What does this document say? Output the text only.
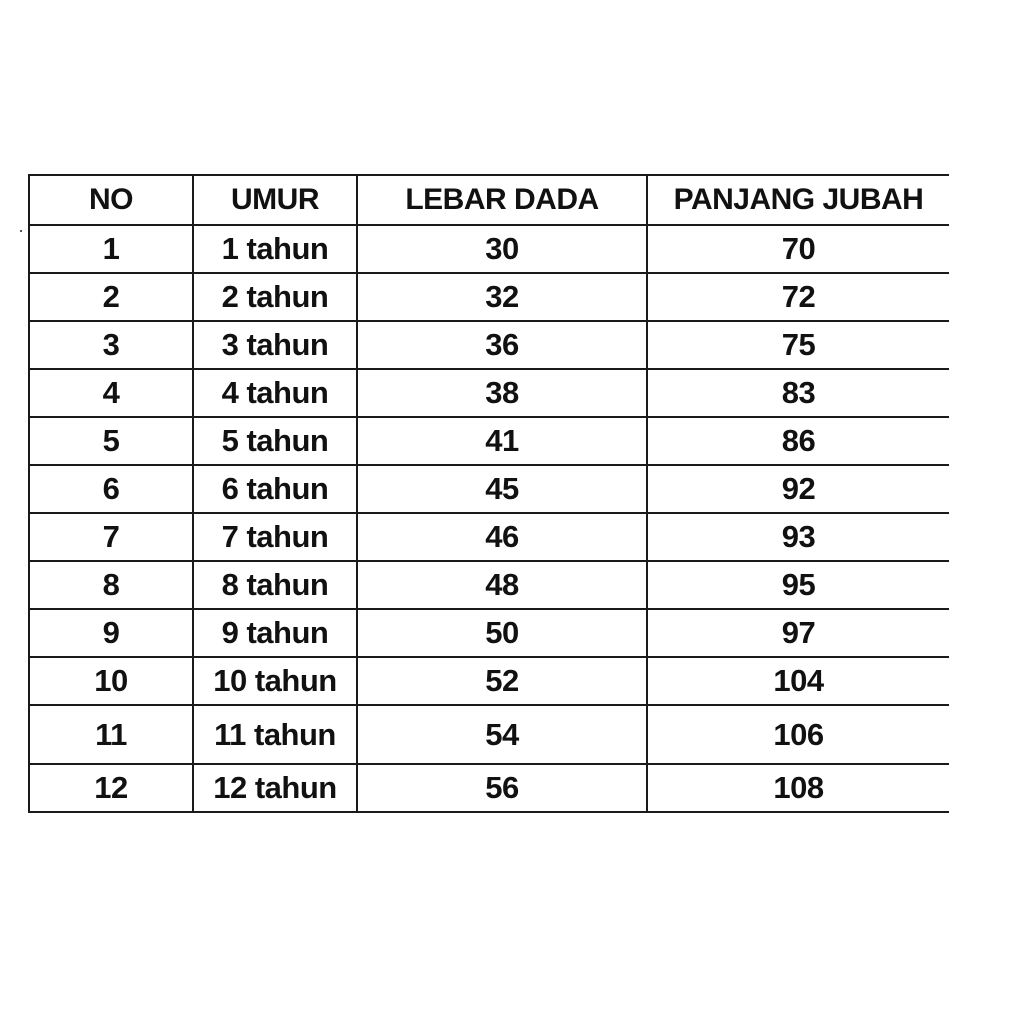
NO	UMUR	LEBAR DADA	PANJANG JUBAH
1	1 tahun	30	70
2	2 tahun	32	72
3	3 tahun	36	75
4	4 tahun	38	83
5	5 tahun	41	86
6	6 tahun	45	92
7	7 tahun	46	93
8	8 tahun	48	95
9	9 tahun	50	97
10	10 tahun	52	104
11	11 tahun	54	106
12	12 tahun	56	108
